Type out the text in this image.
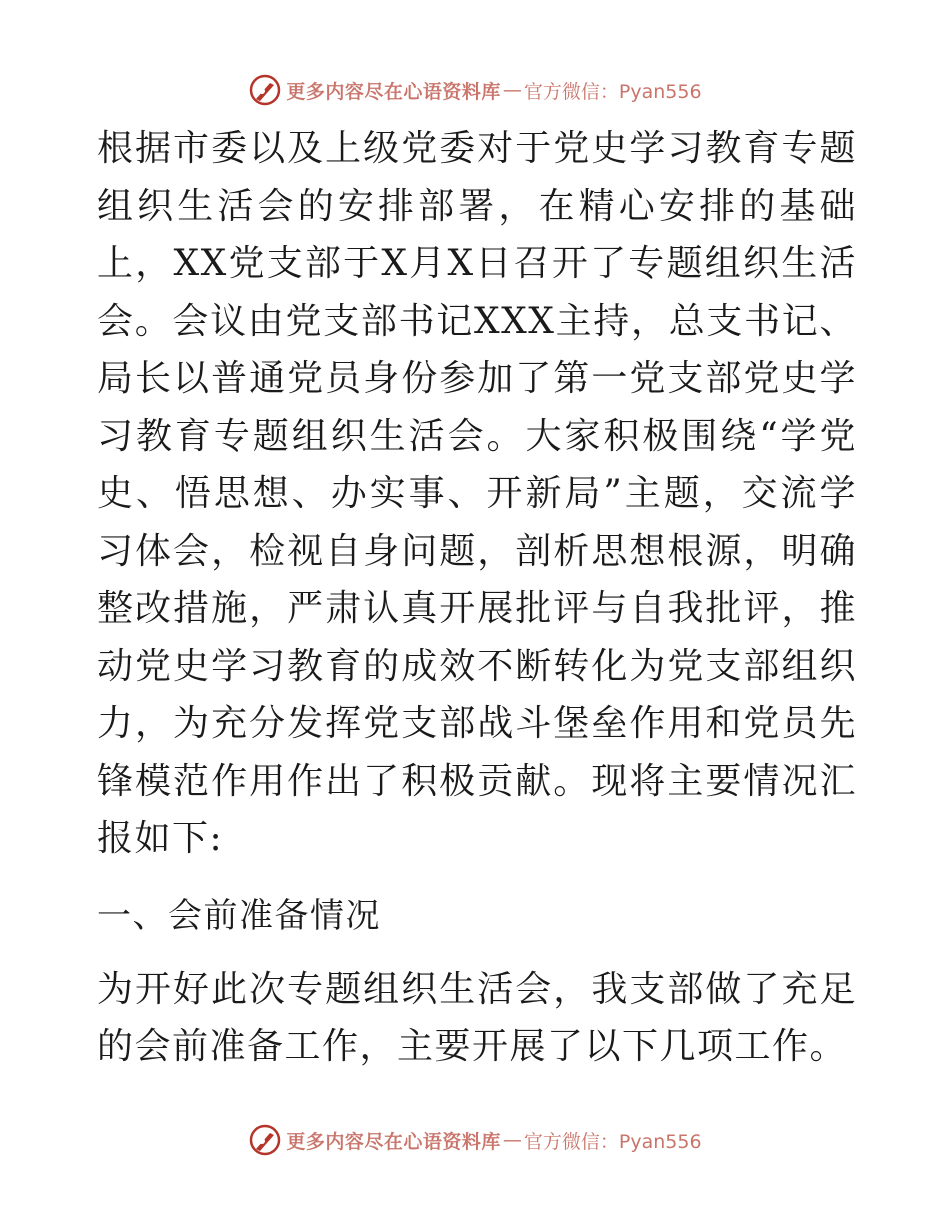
更多内容尽在心语资料库 — 官方微信：Pyan556

根据市委以及上级党委对于党史学习教育专题组织生活会的安排部署，在精心安排的基础上，XX党支部于X月X日召开了专题组织生活会。会议由党支部书记XXX主持，总支书记、局长以普通党员身份参加了第一党支部党史学习教育专题组织生活会。大家积极围绕“学党史、悟思想、办实事、开新局”主题，交流学习体会，检视自身问题，剖析思想根源，明确整改措施，严肃认真开展批评与自我批评，推动党史学习教育的成效不断转化为党支部组织力，为充分发挥党支部战斗堡垒作用和党员先锋模范作用作出了积极贡献。现将主要情况汇报如下:

一、会前准备情况

为开好此次专题组织生活会，我支部做了充足的会前准备工作，主要开展了以下几项工作。

更多内容尽在心语资料库 — 官方微信：Pyan556
